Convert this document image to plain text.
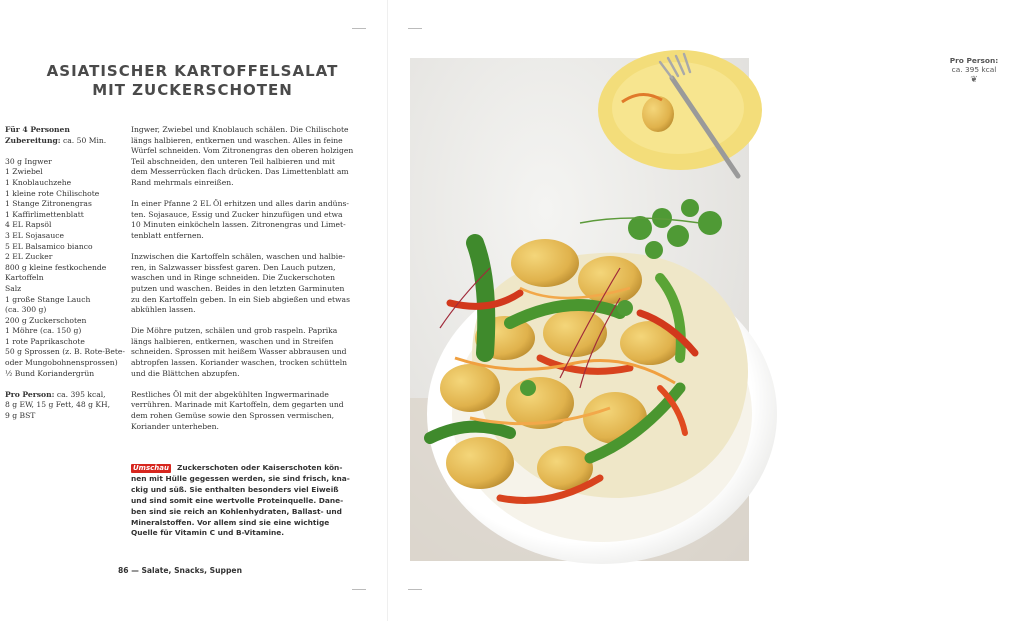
ASIATISCHER KARTOFFELSALAT
MIT ZUCKERSCHOTEN
Für 4 Personen
Zubereitung: ca. 50 Min.
30 g Ingwer
1 Zwiebel
1 Knoblauchzehe
1 kleine rote Chilischote
1 Stange Zitronengras
1 Kaffirlimettenblatt
4 EL Rapsöl
3 EL Sojasauce
5 EL Balsamico bianco
2 EL Zucker
800 g kleine festkochende
Kartoffeln
Salz
1 große Stange Lauch
(ca. 300 g)
200 g Zuckerschoten
1 Möhre (ca. 150 g)
1 rote Paprikaschote
50 g Sprossen (z. B. Rote-Bete-
oder Mungobohnensprossen)
½ Bund Koriandergrün
Pro Person: ca. 395 kcal,
8 g EW, 15 g Fett, 48 g KH,
9 g BST

Ingwer, Zwiebel und Knoblauch schälen. Die Chilischote
längs halbieren, entkernen und waschen. Alles in feine
Würfel schneiden. Vom Zitronengras den oberen holzigen
Teil abschneiden, den unteren Teil halbieren und mit
dem Messerrücken flach drücken. Das Limettenblatt am
Rand mehrmals einreißen.

In einer Pfanne 2 EL Öl erhitzen und alles darin andüns-
ten. Sojasauce, Essig und Zucker hinzufügen und etwa
10 Minuten einköcheln lassen. Zitronengras und Limet-
tenblatt entfernen.

Inzwischen die Kartoffeln schälen, waschen und halbie-
ren, in Salzwasser bissfest garen. Den Lauch putzen,
waschen und in Ringe schneiden. Die Zuckerschoten
putzen und waschen. Beides in den letzten Garminuten
zu den Kartoffeln geben. In ein Sieb abgießen und etwas
abkühlen lassen.

Die Möhre putzen, schälen und grob raspeln. Paprika
längs halbieren, entkernen, waschen und in Streifen
schneiden. Sprossen mit heißem Wasser abbrausen und
abtropfen lassen. Koriander waschen, trocken schütteln
und die Blättchen abzupfen.

Restliches Öl mit der abgekühlten Ingwermarinade
verrühren. Marinade mit Kartoffeln, dem gegarten und
dem rohen Gemüse sowie den Sprossen vermischen,
Koriander unterheben.

Umschau Zuckerschoten oder Kaiserschoten kön-
nen mit Hülle gegessen werden, sie sind frisch, kna-
ckig und süß. Sie enthalten besonders viel Eiweiß
und sind somit eine wertvolle Proteinquelle. Dane-
ben sind sie reich an Kohlenhydraten, Ballast- und
Mineralstoffen. Vor allem sind sie eine wichtige
Quelle für Vitamin C und B-Vitamine.
86 — Salate, Snacks, Suppen
Pro Person:
ca. 395 kcal
❦
